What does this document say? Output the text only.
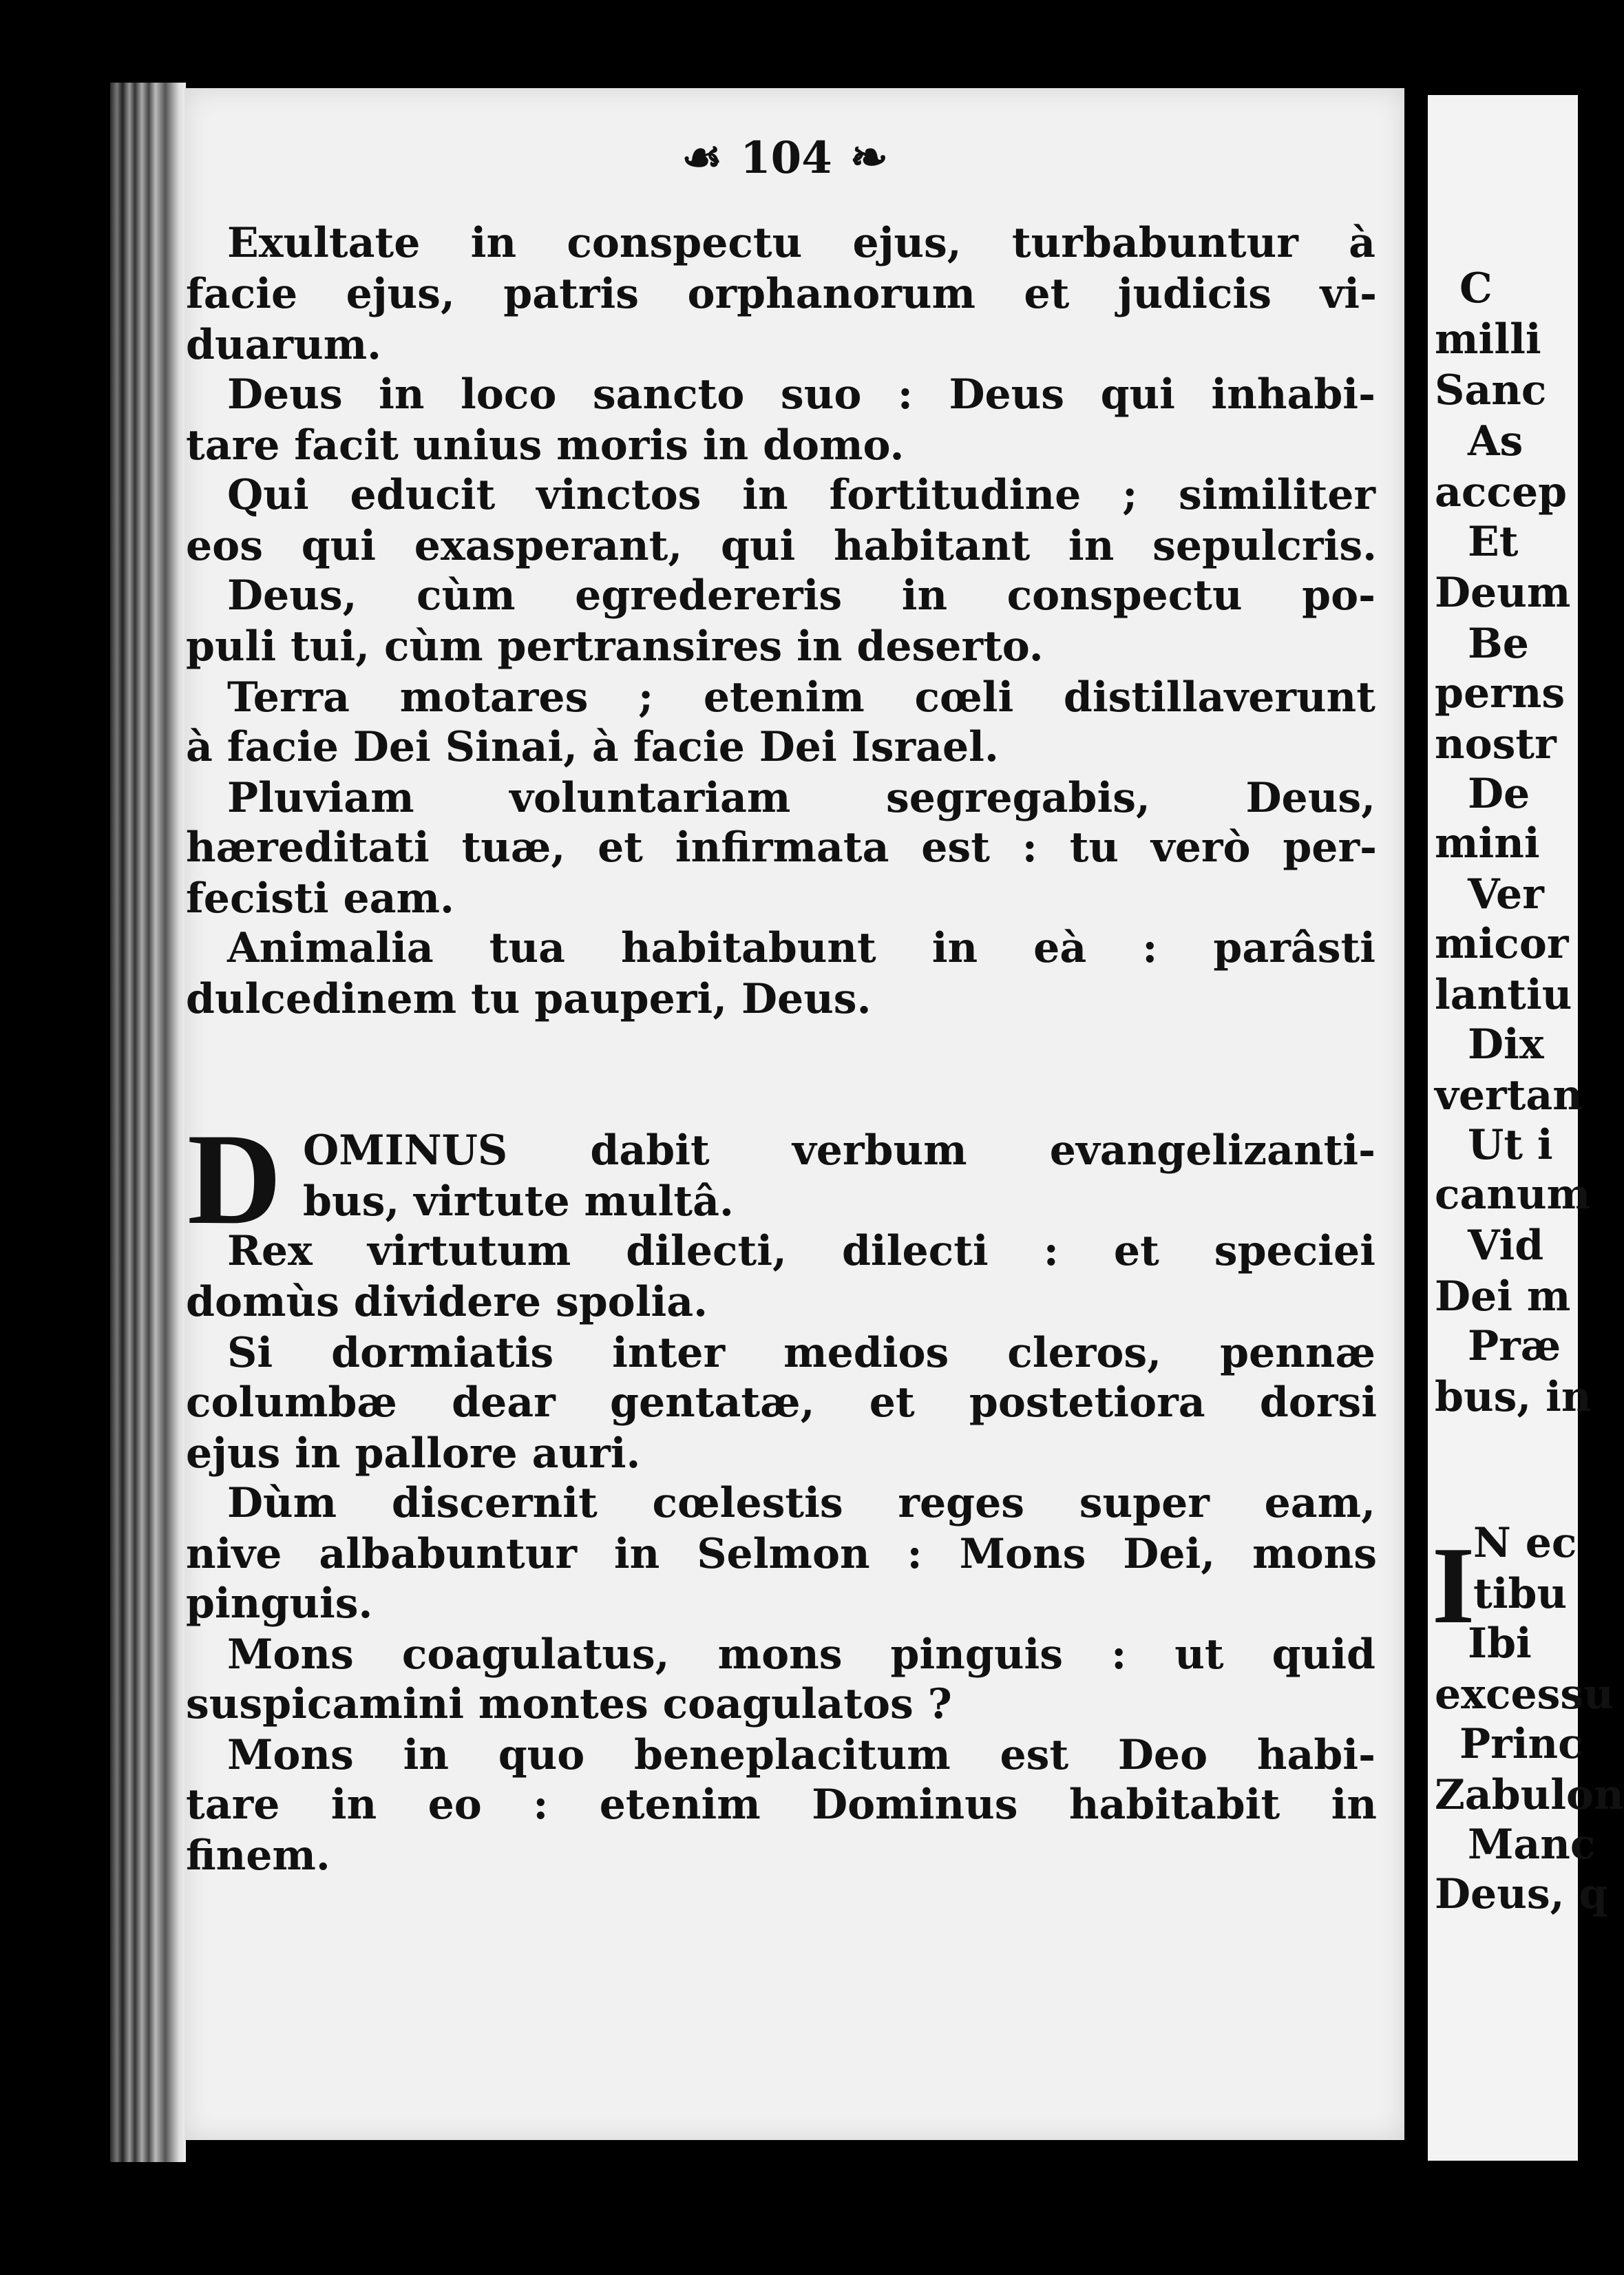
☙ 104 ❧
Exultate in conspectu ejus, turbabuntur à
facie ejus, patris orphanorum et judicis vi-
duarum.
Deus in loco sancto suo : Deus qui inhabi-
tare facit unius moris in domo.
Qui educit vinctos in fortitudine ; similiter
eos qui exasperant, qui habitant in sepulcris.
Deus, cùm egredereris in conspectu po-
puli tui, cùm pertransires in deserto.
Terra motares ; etenim cœli distillaverunt
à facie Dei Sinai, à facie Dei Israel.
Pluviam voluntariam segregabis, Deus,
hæreditati tuæ, et infirmata est : tu verò per-
fecisti eam.
Animalia tua habitabunt in eà : parâsti
dulcedinem tu pauperi, Deus.
OMINUS dabit verbum evangelizanti-
bus, virtute multâ.
Rex virtutum dilecti, dilecti : et speciei
domùs dividere spolia.
Si dormiatis inter medios cleros, pennæ
columbæ dear gentatæ, et postetiora dorsi
ejus in pallore auri.
Dùm discernit cœlestis reges super eam,
nive albabuntur in Selmon : Mons Dei, mons
pinguis.
Mons coagulatus, mons pinguis : ut quid
suspicamini montes coagulatos ?
Mons in quo beneplacitum est Deo habi-
tare in eo : etenim Dominus habitabit in
finem.
D
C
milli
Sanc
As
accep
Et
Deum
Be
perns
nostr
De
mini
Ver
micor
lantiu
Dix
vertan
Ut i
canum
Vid
Dei m
Præ
bus, in
I
N ec
tibu
Ibi
excessu
Princ
Zabulon
Manc
Deus, q
